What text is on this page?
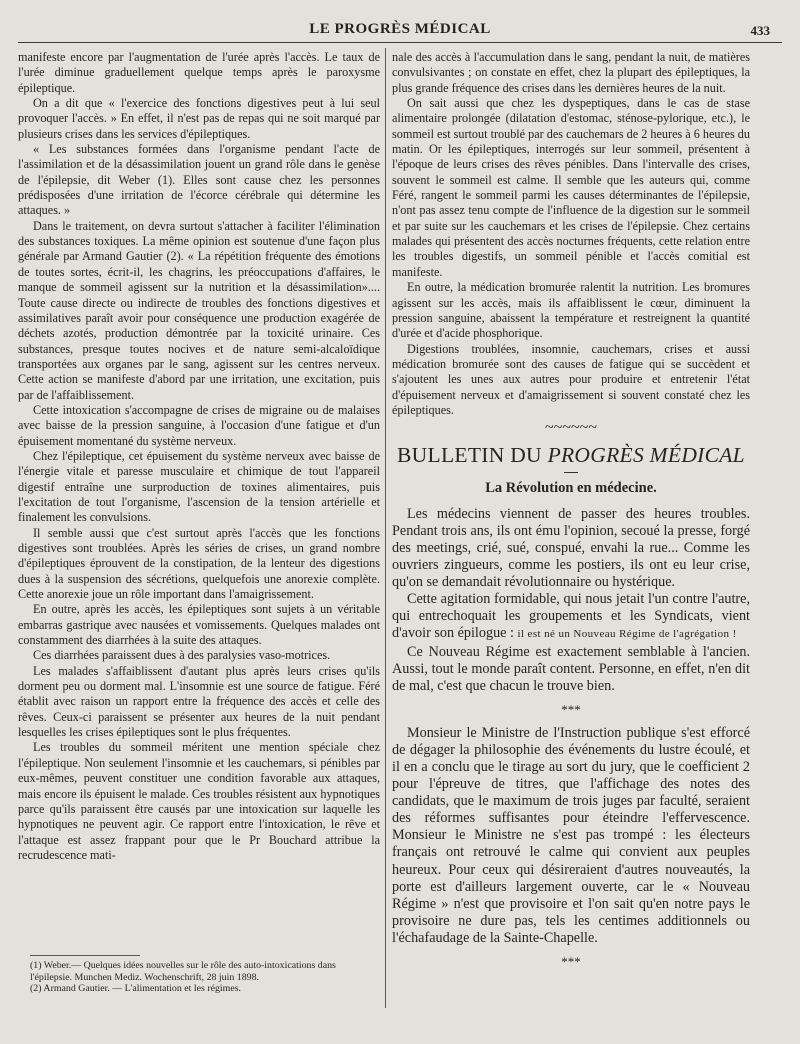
LE PROGRÈS MÉDICAL	433

manifeste encore par l'augmentation de l'urée après l'accès. Le taux de l'urée diminue graduellement quelque temps après le paroxysme épileptique.

On a dit que « l'exercice des fonctions digestives peut à lui seul provoquer l'accès. » En effet, il n'est pas de repas qui ne soit marqué par plusieurs crises dans les services d'épileptiques.

« Les substances formées dans l'organisme pendant l'acte de l'assimilation et de la désassimilation jouent un grand rôle dans le genèse de l'épilepsie, dit Weber (1). Elles sont cause chez les personnes prédisposées d'une irritation de l'écorce cérébrale qui détermine les attaques. »

Dans le traitement, on devra surtout s'attacher à faciliter l'élimination des substances toxiques. La même opinion est soutenue d'une façon plus générale par Armand Gautier (2). « La répétition fréquente des émotions de toutes sortes, écrit-il, les chagrins, les préoccupations d'affaires, le manque de sommeil agissent sur la nutrition et la désassimilation».... Toute cause directe ou indirecte de troubles des fonctions digestives et assimilatives paraît avoir pour conséquence une production exagérée de déchets azotés, production démontrée par la toxicité urinaire. Ces substances, presque toutes nocives et de nature semi-alcaloïdique transportées aux organes par le sang, agissent sur les centres nerveux. Cette action se manifeste d'abord par une irritation, une excitation, puis par de l'affaiblissement.

Cette intoxication s'accompagne de crises de migraine ou de malaises avec baisse de la pression sanguine, à l'occasion d'une fatigue et d'un épuisement momentané du système nerveux.

Chez l'épileptique, cet épuisement du système nerveux avec baisse de l'énergie vitale et paresse musculaire et chimique de tout l'appareil digestif entraîne une surproduction de toxines alimentaires, puis l'excitation de tout l'organisme, l'ascension de la tension artérielle et finalement les convulsions.

Il semble aussi que c'est surtout après l'accès que les fonctions digestives sont troublées. Après les séries de crises, un grand nombre d'épileptiques éprouvent de la constipation, de la lenteur des digestions dues à la suspension des sécrétions, quelquefois une anorexie complète. Cette anorexie joue un rôle important dans l'amaigrissement.

En outre, après les accès, les épileptiques sont sujets à un véritable embarras gastrique avec nausées et vomissements. Quelques malades ont constamment des diarrhées à la suite des attaques.

Ces diarrhées paraissent dues à des paralysies vaso-motrices.

Les malades s'affaiblissent d'autant plus après leurs crises qu'ils dorment peu ou dorment mal. L'insomnie est une source de fatigue. Féré établit avec raison un rapport entre la fréquence des accès et celle des rêves. Ceux-ci paraissent se présenter aux heures de la nuit pendant lesquelles les crises épileptiques sont le plus fréquentes.

Les troubles du sommeil méritent une mention spéciale chez l'épileptique. Non seulement l'insomnie et les cauchemars, si pénibles par eux-mêmes, peuvent constituer une condition favorable aux attaques, mais encore ils épuisent le malade. Ces troubles résistent aux hypnotiques parce qu'ils paraissent être causés par une intoxication sur laquelle les hypnotiques ne peuvent agir. Ce rapport entre l'intoxication, le rêve et l'attaque est assez frappant pour que le Pr Bouchard attribue la recrudescence mati-

(1) Weber.— Quelques idées nouvelles sur le rôle des auto-intoxications dans l'épilepsie. Munchen Mediz. Wochenschrift, 28 juin 1898.

(2) Armand Gautier. — L'alimentation et les régimes.

nale des accès à l'accumulation dans le sang, pendant la nuit, de matières convulsivantes ; on constate en effet, chez la plupart des épileptiques, la plus grande fréquence des crises dans les dernières heures de la nuit.

On sait aussi que chez les dyspeptiques, dans le cas de stase alimentaire prolongée (dilatation d'estomac, sténose-pylorique, etc.), le sommeil est surtout troublé par des cauchemars de 2 heures à 6 heures du matin. Or les épileptiques, interrogés sur leur sommeil, présentent à l'époque de leurs crises des rêves pénibles. Dans l'intervalle des crises, souvent le sommeil est calme. Il semble que les auteurs qui, comme Féré, rangent le sommeil parmi les causes déterminantes de l'épilepsie, n'ont pas assez tenu compte de l'influence de la digestion sur le sommeil et par suite sur les cauchemars et les crises de l'épilepsie. Chez certains malades qui présentent des accès nocturnes fréquents, cette relation entre les troubles digestifs, un sommeil pénible et l'accès comitial est manifeste.

En outre, la médication bromurée ralentit la nutrition. Les bromures agissent sur les accès, mais ils affaiblissent le cœur, diminuent la pression sanguine, abaissent la température et restreignent la quantité d'urée et d'acide phosphorique.

Digestions troublées, insomnie, cauchemars, crises et aussi médication bromurée sont des causes de fatigue qui se succèdent et s'ajoutent les unes aux autres pour produire et entretenir l'état d'épuisement nerveux et d'amaigrissement si souvent constaté chez les épileptiques.

~~~~~~
BULLETIN DU PROGRÈS MÉDICAL
La Révolution en médecine.

Les médecins viennent de passer des heures troubles. Pendant trois ans, ils ont ému l'opinion, secoué la presse, forgé des meetings, crié, sué, conspué, envahi la rue... Comme les ouvriers zingueurs, comme les postiers, ils ont eu leur crise, qu'on se demandait révolutionnaire ou hystérique.

Cette agitation formidable, qui nous jetait l'un contre l'autre, qui entrechoquait les groupements et les Syndicats, vient d'avoir son épilogue : il est né un Nouveau Régime de l'agrégation !

Ce Nouveau Régime est exactement semblable à l'ancien. Aussi, tout le monde paraît content. Personne, en effet, n'en dit de mal, c'est que chacun le trouve bien.

***

Monsieur le Ministre de l'Instruction publique s'est efforcé de dégager la philosophie des événements du lustre écoulé, et il en a conclu que le tirage au sort du jury, que le coefficient 2 pour l'épreuve de titres, que l'affichage des notes des candidats, que le maximum de trois juges par faculté, seraient des réformes suffisantes pour éteindre l'effervescence. Monsieur le Ministre ne s'est pas trompé : les électeurs français ont retrouvé le calme qui convient aux peuples heureux. Pour ceux qui désireraient d'autres nouveautés, la porte est d'ailleurs largement ouverte, car le « Nouveau Régime » n'est que provisoire et l'on sait qu'en notre pays le provisoire ne dure pas, tels les centimes additionnels ou l'échafaudage de la Sainte-Chapelle.

***
